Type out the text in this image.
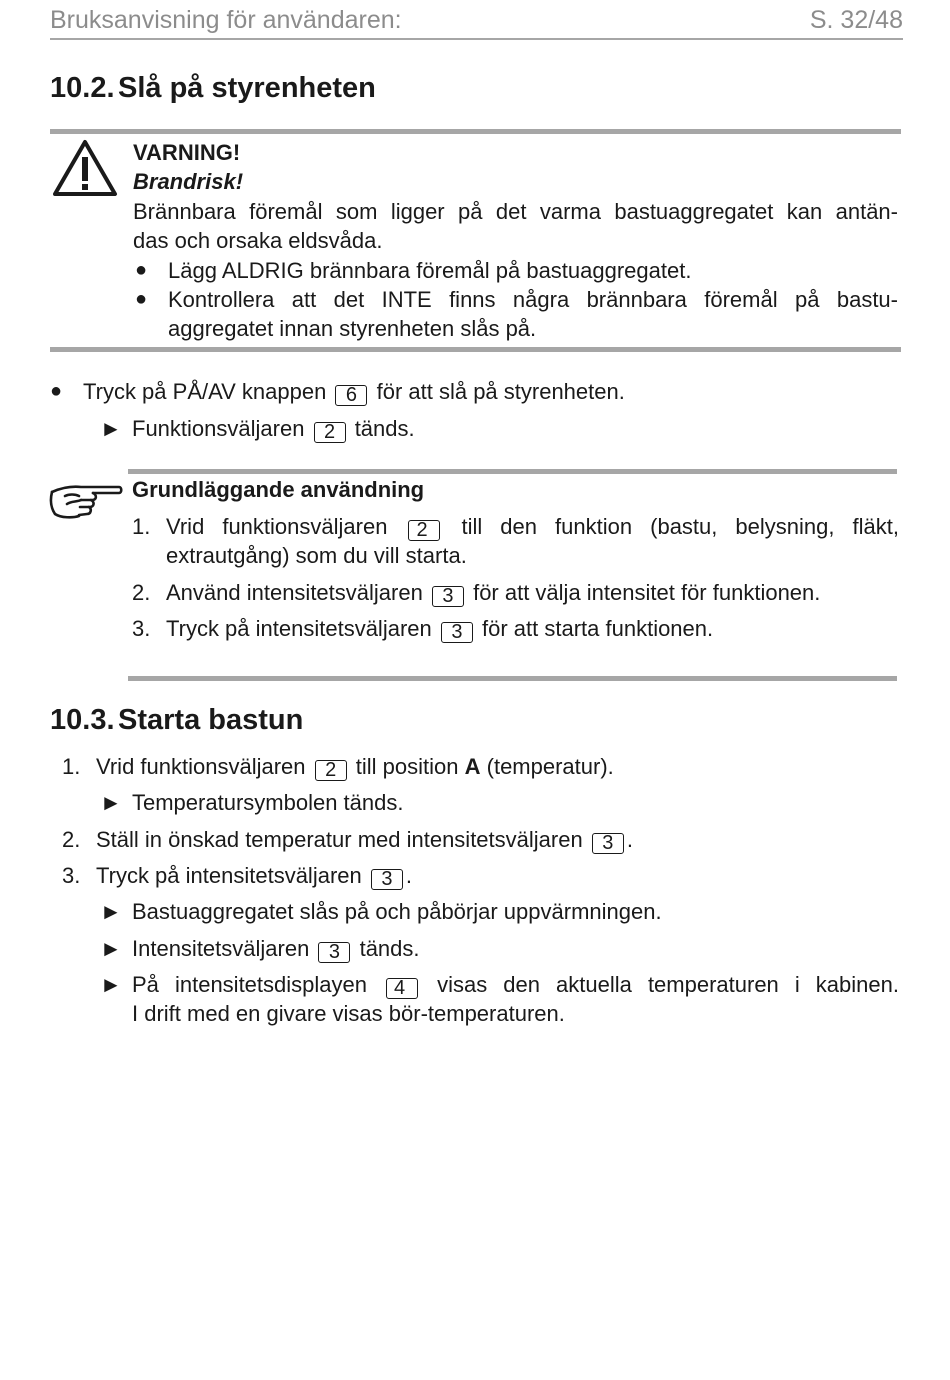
Bruksanvisning för användaren:	S. 32/48
10.2. Slå på styrenheten
VARNING!
Brandrisk!
Brännbara föremål som ligger på det varma bastuaggregatet kan antän-
das och orsaka eldsvåda.
● Lägg ALDRIG brännbara föremål på bastuaggregatet.
● Kontrollera att det INTE finns några brännbara föremål på bastu-
aggregatet innan styrenheten slås på.
● Tryck på PÅ/AV knappen 6 för att slå på styrenheten.
► Funktionsväljaren 2 tänds.
Grundläggande användning
1. Vrid funktionsväljaren 2 till den funktion (bastu, belysning, fläkt,
extrautgång) som du vill starta.
2. Använd intensitetsväljaren 3 för att välja intensitet för funktionen.
3. Tryck på intensitetsväljaren 3 för att starta funktionen.
10.3. Starta bastun
1. Vrid funktionsväljaren 2 till position A (temperatur).
► Temperatursymbolen tänds.
2. Ställ in önskad temperatur med intensitetsväljaren 3 .
3. Tryck på intensitetsväljaren 3 .
► Bastuaggregatet slås på och påbörjar uppvärmningen.
► Intensitetsväljaren 3 tänds.
► På intensitetsdisplayen 4 visas den aktuella temperaturen i kabinen.
I drift med en givare visas bör-temperaturen.
